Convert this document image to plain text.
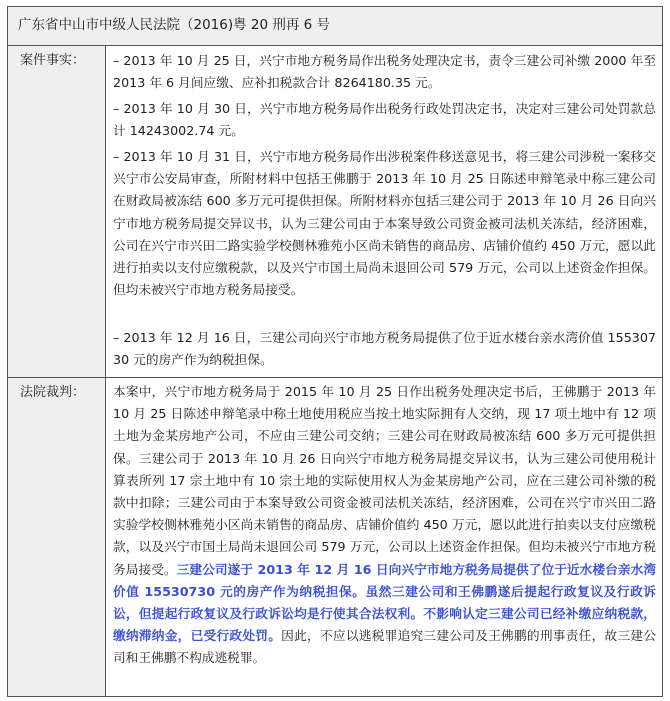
广东省中山市中级人民法院（2016)粤 20 刑再 6 号
案件事实： – 2013 年 10 月 25 日，兴宁市地方税务局作出税务处理决定书，责令三建公司补缴 2000 年至 2013 年 6 月间应缴、应补扣税款合计 8264180.35 元。
– 2013 年 10 月 30 日，兴宁市地方税务局作出税务行政处罚决定书，决定对三建公司处罚款总计 14243002.74 元。
– 2013 年 10 月 31 日，兴宁市地方税务局作出涉税案件移送意见书，将三建公司涉税一案移交兴宁市公安局审查，所附材料中包括王佛鹏于 2013 年 10 月 25 日陈述申辩笔录中称三建公司在财政局被冻结 600 多万元可提供担保。所附材料亦包括三建公司于 2013 年 10 月 26 日向兴宁市地方税务局提交异议书，认为三建公司由于本案导致公司资金被司法机关冻结，经济困难，公司在兴宁市兴田二路实验学校侧林雅苑小区尚未销售的商品房、店铺价值约 450 万元，愿以此进行拍卖以支付应缴税款，以及兴宁市国土局尚未退回公司 579 万元，公司以上述资金作担保。但均未被兴宁市地方税务局接受。
– 2013 年 12 月 16 日，三建公司向兴宁市地方税务局提供了位于近水楼台亲水湾价值 15530730 元的房产作为纳税担保。
法院裁判： 本案中，兴宁市地方税务局于 2015 年 10 月 25 日作出税务处理决定书后，王佛鹏于 2013 年 10 月 25 日陈述申辩笔录中称土地使用税应当按土地实际拥有人交纳，现 17 项土地中有 12 项土地为金某房地产公司，不应由三建公司交纳；三建公司在财政局被冻结 600 多万元可提供担保。三建公司于 2013 年 10 月 26 日向兴宁市地方税务局提交异议书，认为三建公司使用税计算表所列 17 宗土地中有 10 宗土地的实际使用权人为金某房地产公司，应在三建公司补缴的税款中扣除；三建公司由于本案导致公司资金被司法机关冻结，经济困难，公司在兴宁市兴田二路实验学校侧林雅苑小区尚未销售的商品房、店铺价值约 450 万元，愿以此进行拍卖以支付应缴税款，以及兴宁市国土局尚未退回公司 579 万元，公司以上述资金作担保。但均未被兴宁市地方税务局接受。三建公司遂于 2013 年 12 月 16 日向兴宁市地方税务局提供了位于近水楼台亲水湾价值 15530730 元的房产作为纳税担保。虽然三建公司和王佛鹏遂后提起行政复议及行政诉讼，但提起行政复议及行政诉讼均是行使其合法权利。不影响认定三建公司已经补缴应纳税款，缴纳滞纳金，已受行政处罚。因此，不应以逃税罪追究三建公司及王佛鹏的刑事责任，故三建公司和王佛鹏不构成逃税罪。
